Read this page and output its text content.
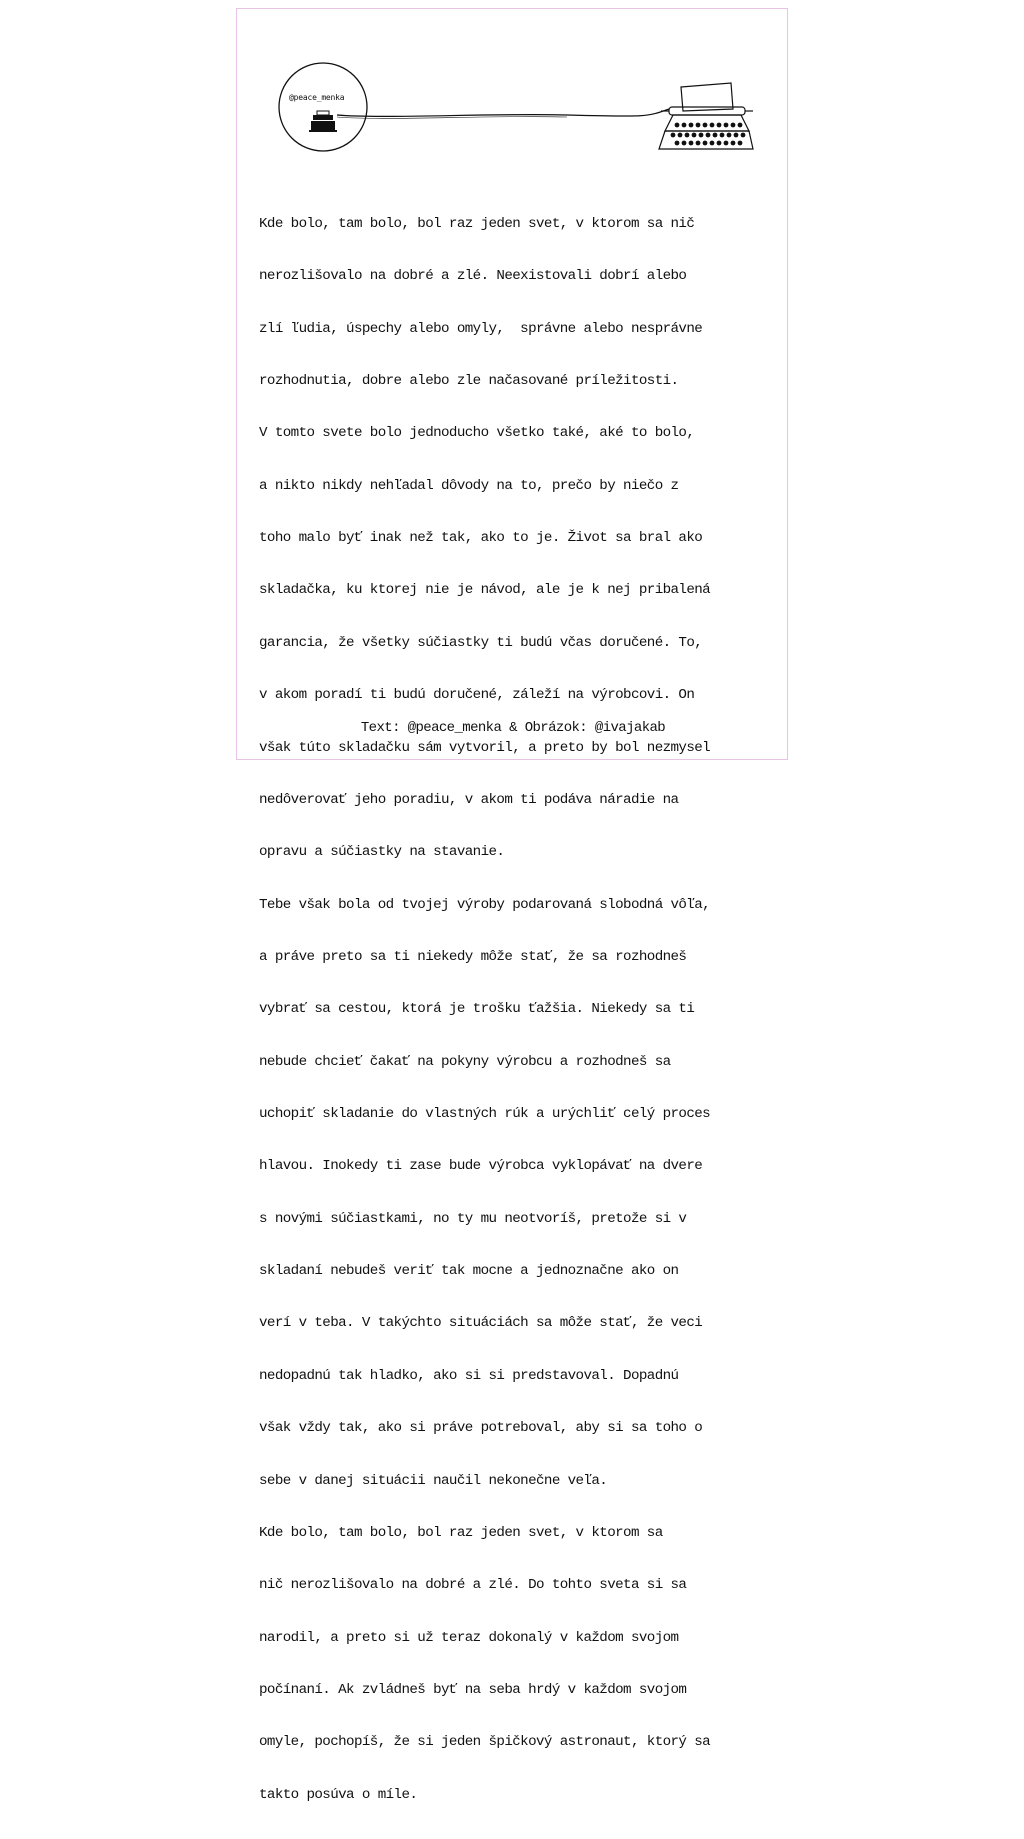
@peace_menka

Kde bolo, tam bolo, bol raz jeden svet, v ktorom sa nič

nerozlišovalo na dobré a zlé. Neexistovali dobrí alebo

zlí ľudia, úspechy alebo omyly,  správne alebo nesprávne

rozhodnutia, dobre alebo zle načasované príležitosti.

V tomto svete bolo jednoducho všetko také, aké to bolo,

a nikto nikdy nehľadal dôvody na to, prečo by niečo z

toho malo byť inak než tak, ako to je. Život sa bral ako

skladačka, ku ktorej nie je návod, ale je k nej pribalená

garancia, že všetky súčiastky ti budú včas doručené. To,

v akom poradí ti budú doručené, záleží na výrobcovi. On

však túto skladačku sám vytvoril, a preto by bol nezmysel

nedôverovať jeho poradiu, v akom ti podáva náradie na

opravu a súčiastky na stavanie.

Tebe však bola od tvojej výroby podarovaná slobodná vôľa,

a práve preto sa ti niekedy môže stať, že sa rozhodneš

vybrať sa cestou, ktorá je trošku ťažšia. Niekedy sa ti

nebude chcieť čakať na pokyny výrobcu a rozhodneš sa

uchopiť skladanie do vlastných rúk a urýchliť celý proces

hlavou. Inokedy ti zase bude výrobca vyklopávať na dvere

s novými súčiastkami, no ty mu neotvoríš, pretože si v

skladaní nebudeš veriť tak mocne a jednoznačne ako on

verí v teba. V takýchto situáciách sa môže stať, že veci

nedopadnú tak hladko, ako si si predstavoval. Dopadnú

však vždy tak, ako si práve potreboval, aby si sa toho o

sebe v danej situácii naučil nekonečne veľa.

Kde bolo, tam bolo, bol raz jeden svet, v ktorom sa

nič nerozlišovalo na dobré a zlé. Do tohto sveta si sa

narodil, a preto si už teraz dokonalý v každom svojom

počínaní. Ak zvládneš byť na seba hrdý v každom svojom

omyle, pochopíš, že si jeden špičkový astronaut, ktorý sa

takto posúva o míle.

Text: @peace_menka & Obrázok: @ivajakab
